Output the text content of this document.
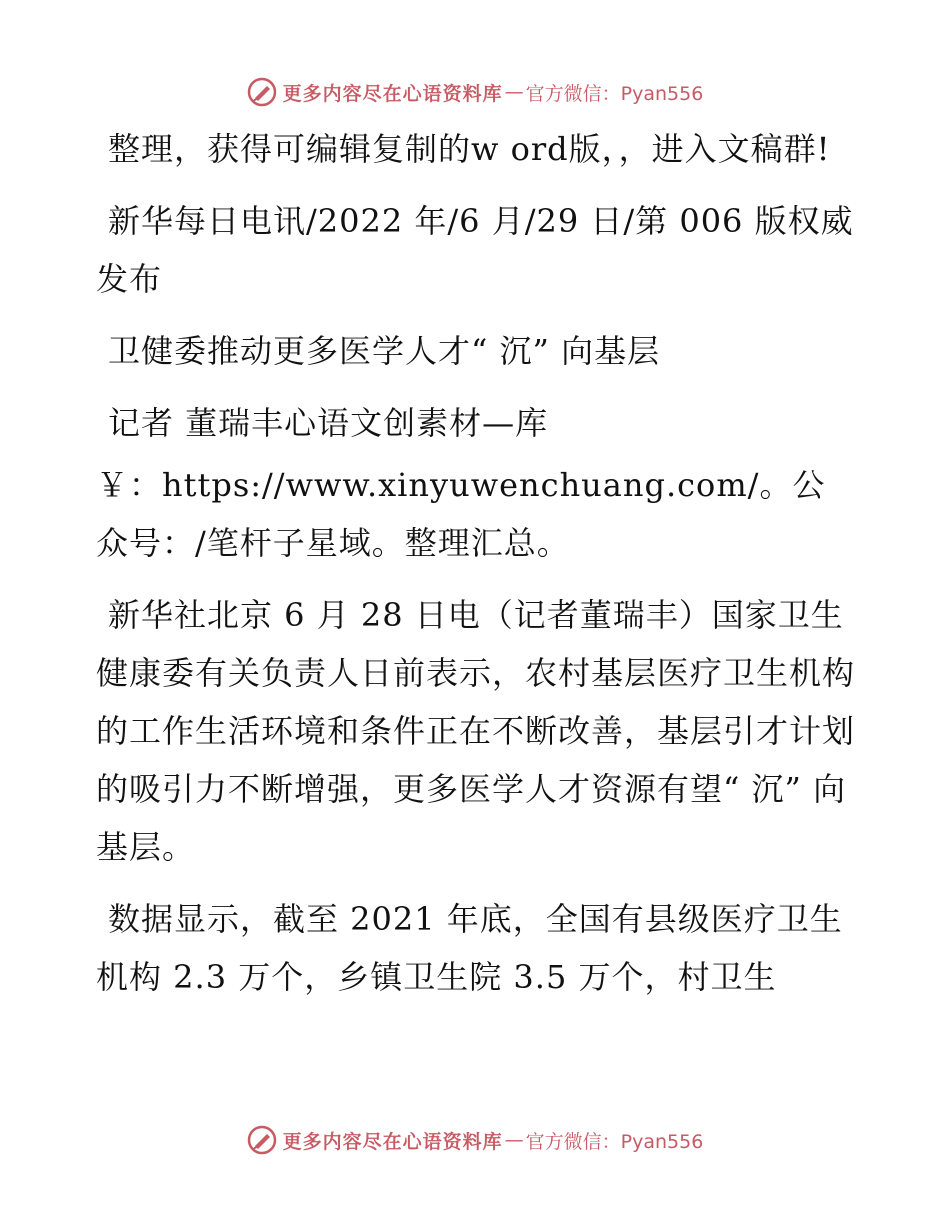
更多内容尽在心语资料库 — 官方微信：Pyan556

整理，获得可编辑复制的w ord版，，进入文稿群!

新华每日电讯/2022 年/6 月/29 日/第 006 版权威发布

卫健委推动更多医学人才“ 沉” 向基层

记者 董瑞丰心语文创素材—库

￥：https://www.xinyuwenchuang.com/。公众号：/笔杆子星域。整理汇总。

新华社北京 6 月 28 日电（记者董瑞丰）国家卫生健康委有关负责人日前表示，农村基层医疗卫生机构的工作生活环境和条件正在不断改善，基层引才计划的吸引力不断增强，更多医学人才资源有望“ 沉” 向基层。

数据显示，截至 2021 年底，全国有县级医疗卫生机构 2.3 万个，乡镇卫生院 3.5 万个，村卫生

更多内容尽在心语资料库 — 官方微信：Pyan556
